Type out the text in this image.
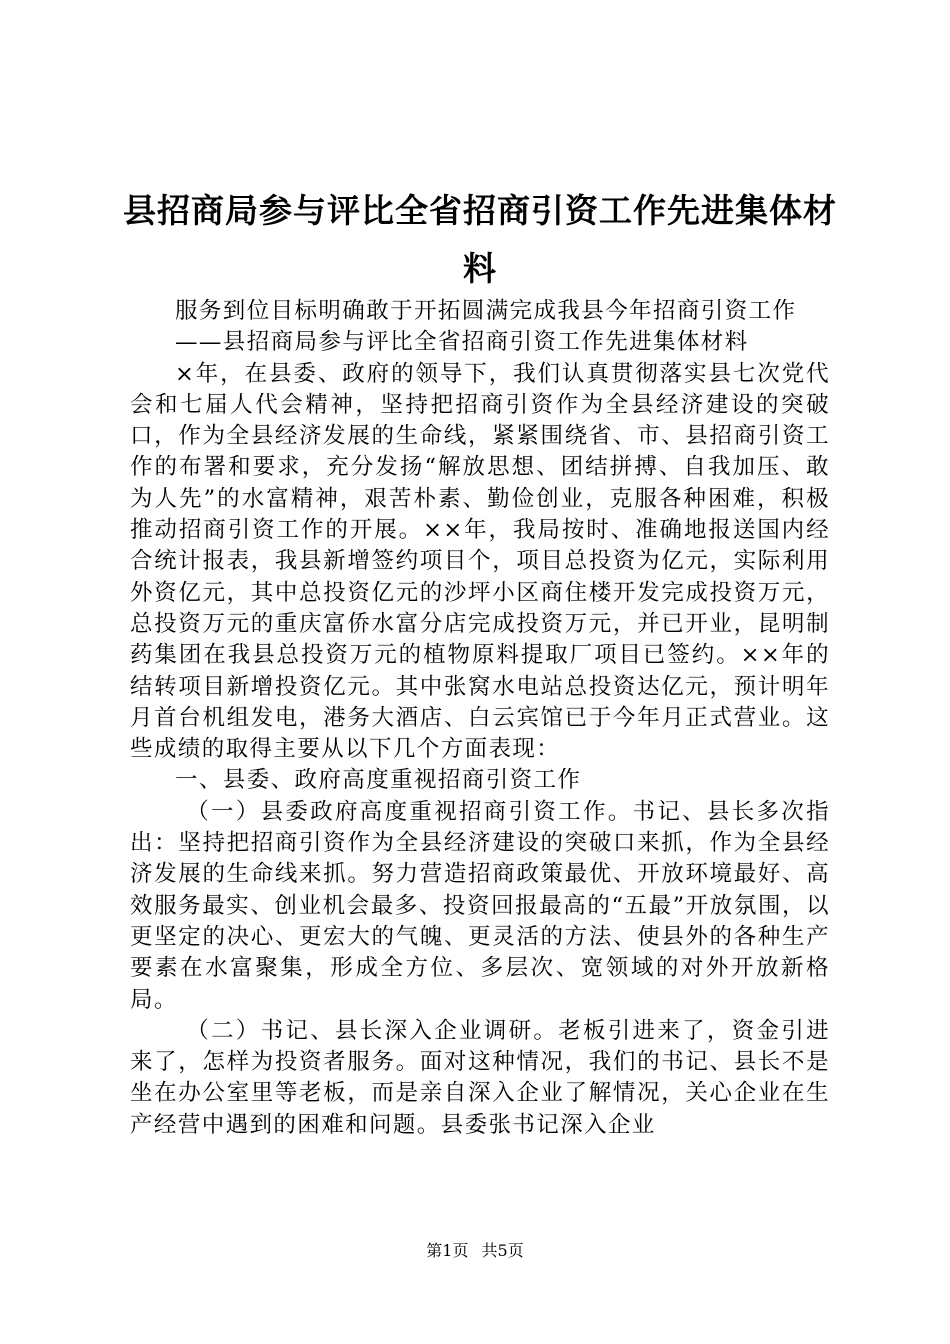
县招商局参与评比全省招商引资工作先进集体材料

服务到位目标明确敢于开拓圆满完成我县今年招商引资工作

——县招商局参与评比全省招商引资工作先进集体材料

×年，在县委、政府的领导下，我们认真贯彻落实县七次党代会和七届人代会精神，坚持把招商引资作为全县经济建设的突破口，作为全县经济发展的生命线，紧紧围绕省、市、县招商引资工作的布署和要求，充分发扬“解放思想、团结拼搏、自我加压、敢为人先”的水富精神，艰苦朴素、勤俭创业，克服各种困难，积极推动招商引资工作的开展。××年，我局按时、准确地报送国内经合统计报表，我县新增签约项目个，项目总投资为亿元，实际利用外资亿元，其中总投资亿元的沙坪小区商住楼开发完成投资万元，总投资万元的重庆富侨水富分店完成投资万元，并已开业，昆明制药集团在我县总投资万元的植物原料提取厂项目已签约。××年的结转项目新增投资亿元。其中张窝水电站总投资达亿元，预计明年月首台机组发电，港务大酒店、白云宾馆已于今年月正式营业。这些成绩的取得主要从以下几个方面表现：

一、县委、政府高度重视招商引资工作

（一）县委政府高度重视招商引资工作。书记、县长多次指出：坚持把招商引资作为全县经济建设的突破口来抓，作为全县经济发展的生命线来抓。努力营造招商政策最优、开放环境最好、高效服务最实、创业机会最多、投资回报最高的“五最”开放氛围，以更坚定的决心、更宏大的气魄、更灵活的方法、使县外的各种生产要素在水富聚集，形成全方位、多层次、宽领域的对外开放新格局。

（二）书记、县长深入企业调研。老板引进来了，资金引进来了，怎样为投资者服务。面对这种情况，我们的书记、县长不是坐在办公室里等老板，而是亲自深入企业了解情况，关心企业在生产经营中遇到的困难和问题。县委张书记深入企业

第1页 共5页
